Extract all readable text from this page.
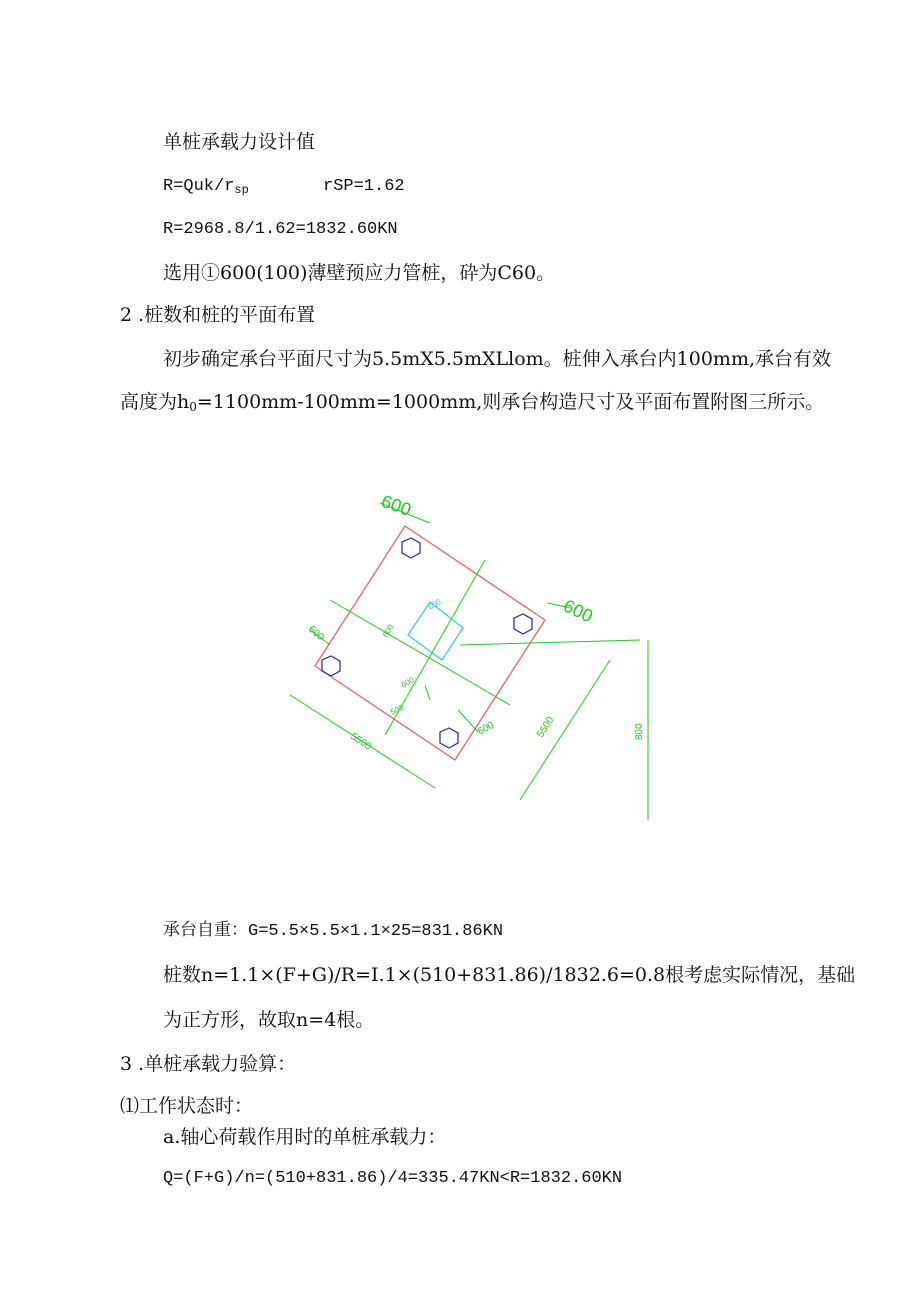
单桩承载力设计值
$R=Quk/r_{sp}$	rSP=1.62
R=2968.8/1.62=1832.60KN
选用①600(100)薄壁预应力管桩，砕为C60。
2 .桩数和桩的平面布置
初步确定承台平面尺寸为5.5mX5.5mXLlom。桩伸入承台内100mm,承台有效
高度为$h_0=1100mm-100mm=1000mm$,则承台构造尺寸及平面布置附图三所示。
600
600
600
600
5500
5500	800
600
600
600
500
承台自重：G=5.5×5.5×1.1×25=831.86KN
桩数n=1.1×(F+G)/R=I.1×(510+831.86)/1832.6=0.8根考虑实际情况，基础
为正方形，故取n=4根。
3 .单桩承载力验算：
⑴工作状态时：
a.轴心荷载作用时的单桩承载力：
Q=(F+G)/n=(510+831.86)/4=335.47KN<R=1832.60KN
